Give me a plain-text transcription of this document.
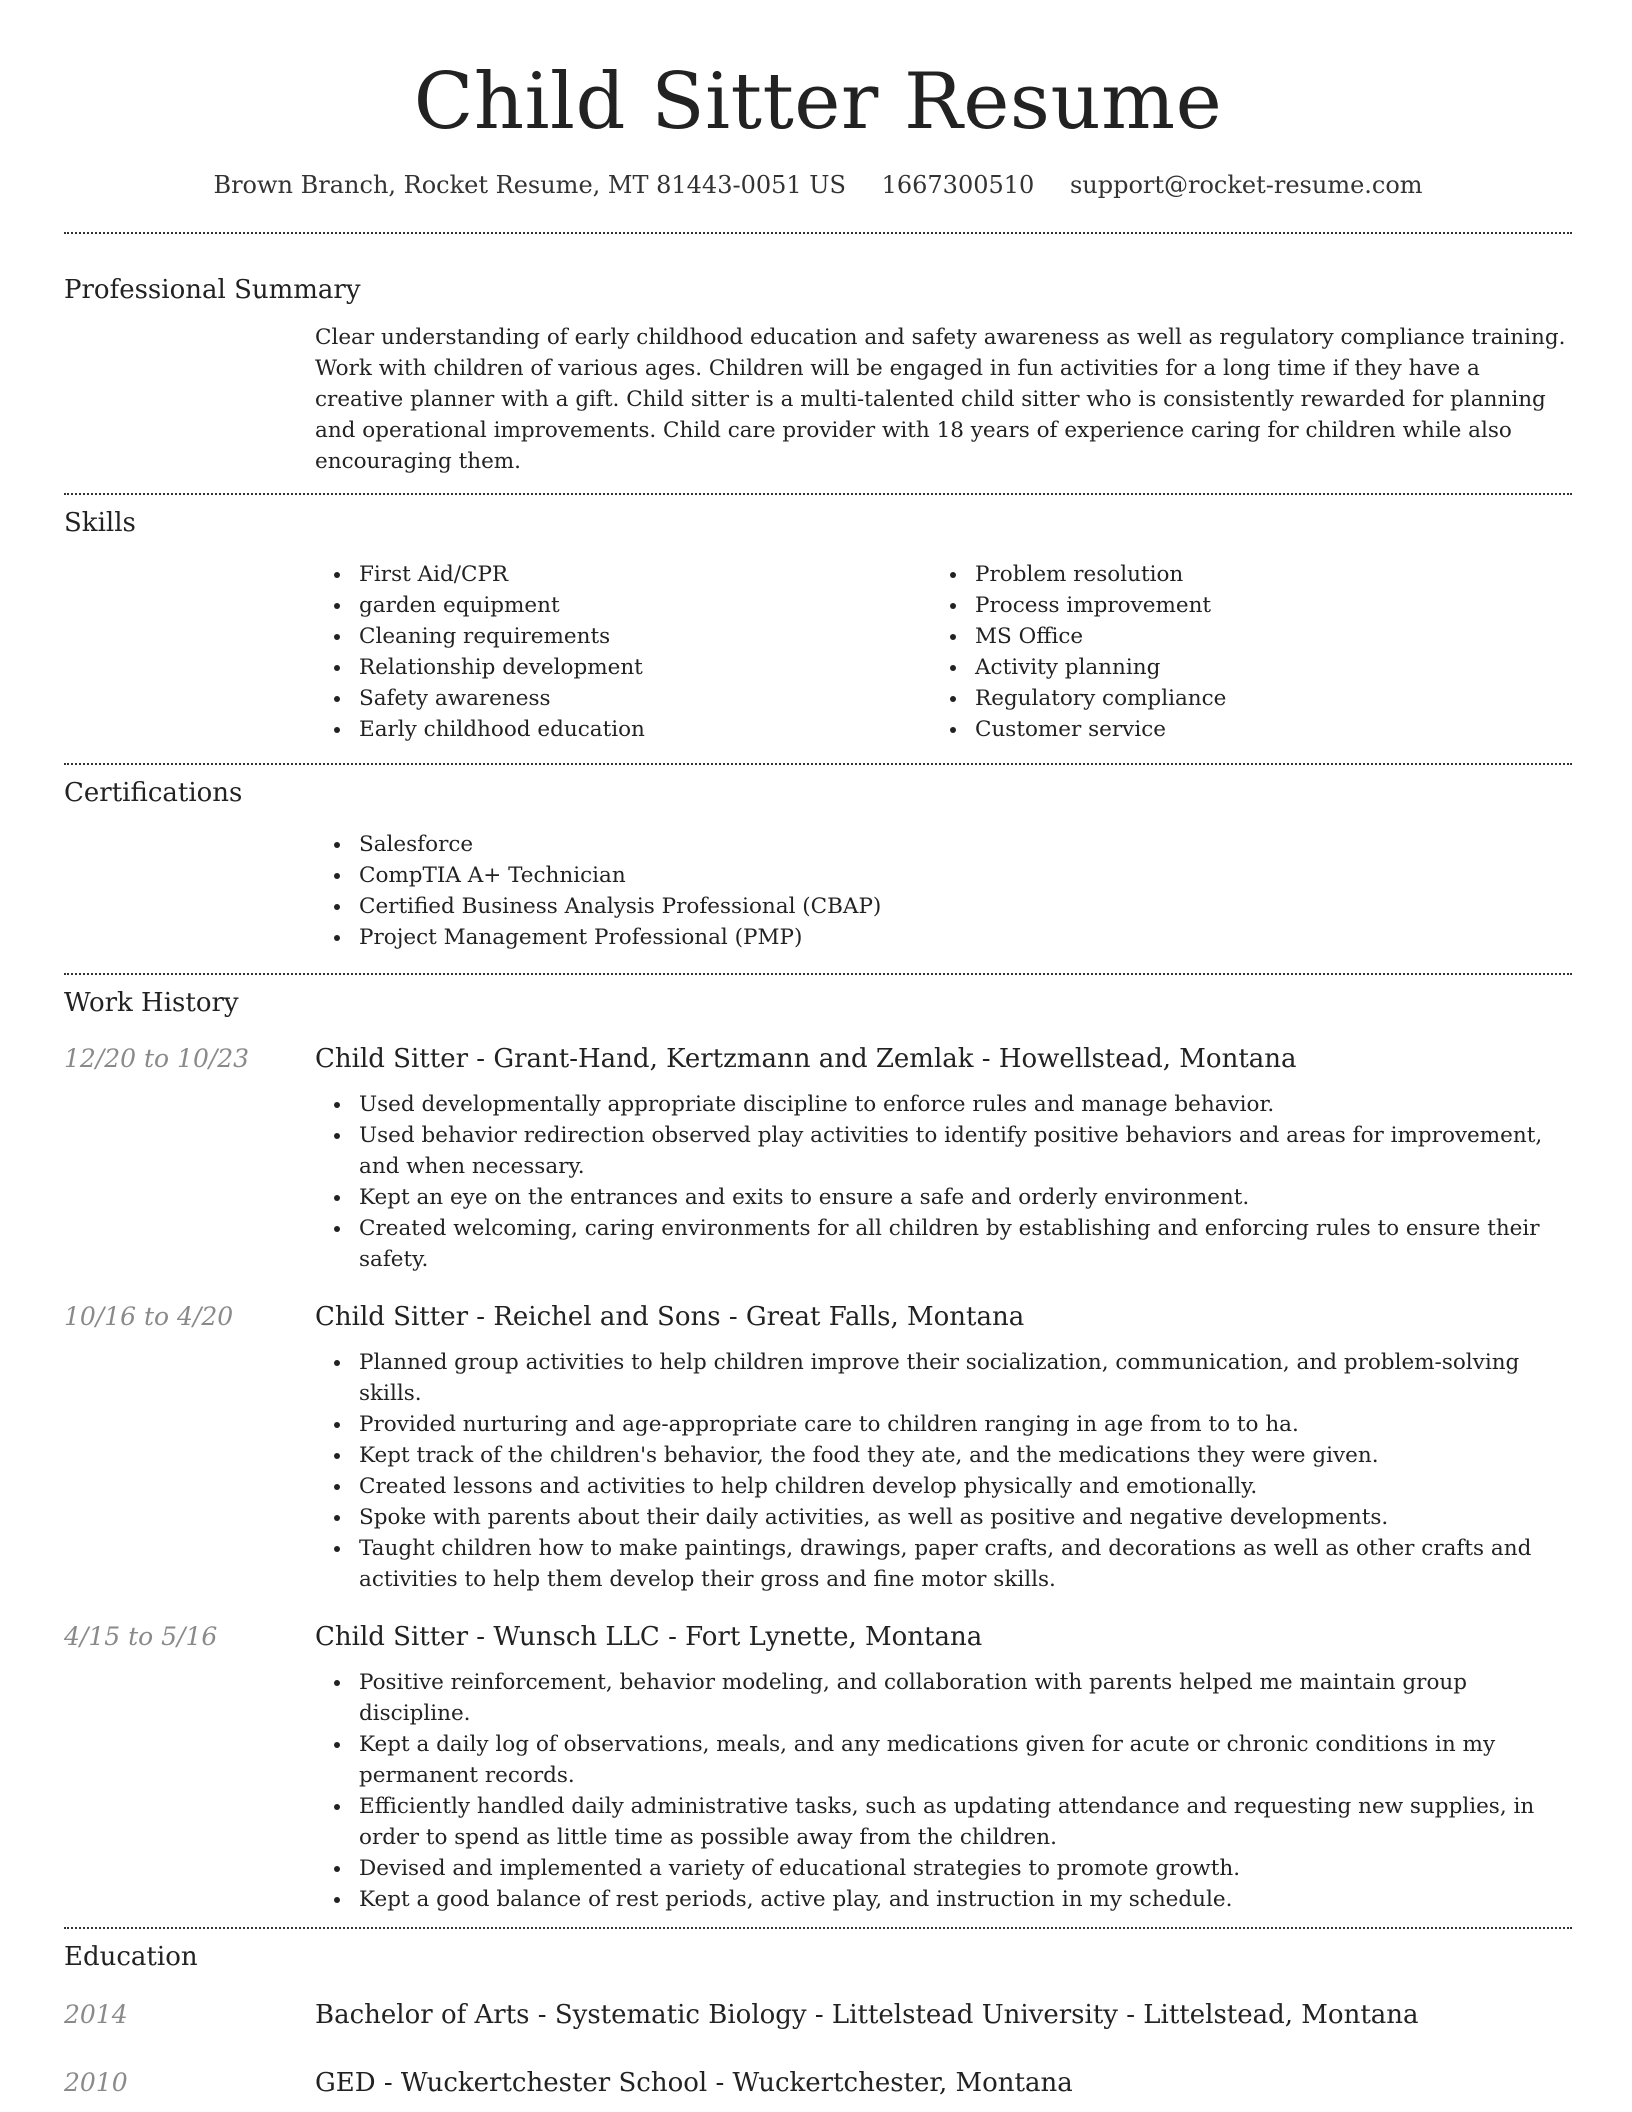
Child Sitter Resume
Brown Branch, Rocket Resume, MT 81443-0051 US 1667300510 support@rocket-resume.com
Professional Summary

Clear understanding of early childhood education and safety awareness as well as regulatory compliance training. Work with children of various ages. Children will be engaged in fun activities for a long time if they have a creative planner with a gift. Child sitter is a multi-talented child sitter who is consistently rewarded for planning and operational improvements. Child care provider with 18 years of experience caring for children while also encouraging them.

Skills
First Aid/CPR
garden equipment
Cleaning requirements
Relationship development
Safety awareness
Early childhood education
Problem resolution
Process improvement
MS Office
Activity planning
Regulatory compliance
Customer service
Certifications
Salesforce
CompTIA A+ Technician
Certified Business Analysis Professional (CBAP)
Project Management Professional (PMP)
Work History
12/20 to 10/23	Child Sitter - Grant-Hand, Kertzmann and Zemlak - Howellstead, Montana
Used developmentally appropriate discipline to enforce rules and manage behavior.
Used behavior redirection observed play activities to identify positive behaviors and areas for improvement, and when necessary.
Kept an eye on the entrances and exits to ensure a safe and orderly environment.
Created welcoming, caring environments for all children by establishing and enforcing rules to ensure their safety.
10/16 to 4/20	Child Sitter - Reichel and Sons - Great Falls, Montana
Planned group activities to help children improve their socialization, communication, and problem-solving skills.
Provided nurturing and age-appropriate care to children ranging in age from to to ha.
Kept track of the children's behavior, the food they ate, and the medications they were given.
Created lessons and activities to help children develop physically and emotionally.
Spoke with parents about their daily activities, as well as positive and negative developments.
Taught children how to make paintings, drawings, paper crafts, and decorations as well as other crafts and activities to help them develop their gross and fine motor skills.
4/15 to 5/16	Child Sitter - Wunsch LLC - Fort Lynette, Montana
Positive reinforcement, behavior modeling, and collaboration with parents helped me maintain group discipline.
Kept a daily log of observations, meals, and any medications given for acute or chronic conditions in my permanent records.
Efficiently handled daily administrative tasks, such as updating attendance and requesting new supplies, in order to spend as little time as possible away from the children.
Devised and implemented a variety of educational strategies to promote growth.
Kept a good balance of rest periods, active play, and instruction in my schedule.
Education
2014	Bachelor of Arts - Systematic Biology - Littelstead University - Littelstead, Montana
2010	GED - Wuckertchester School - Wuckertchester, Montana
